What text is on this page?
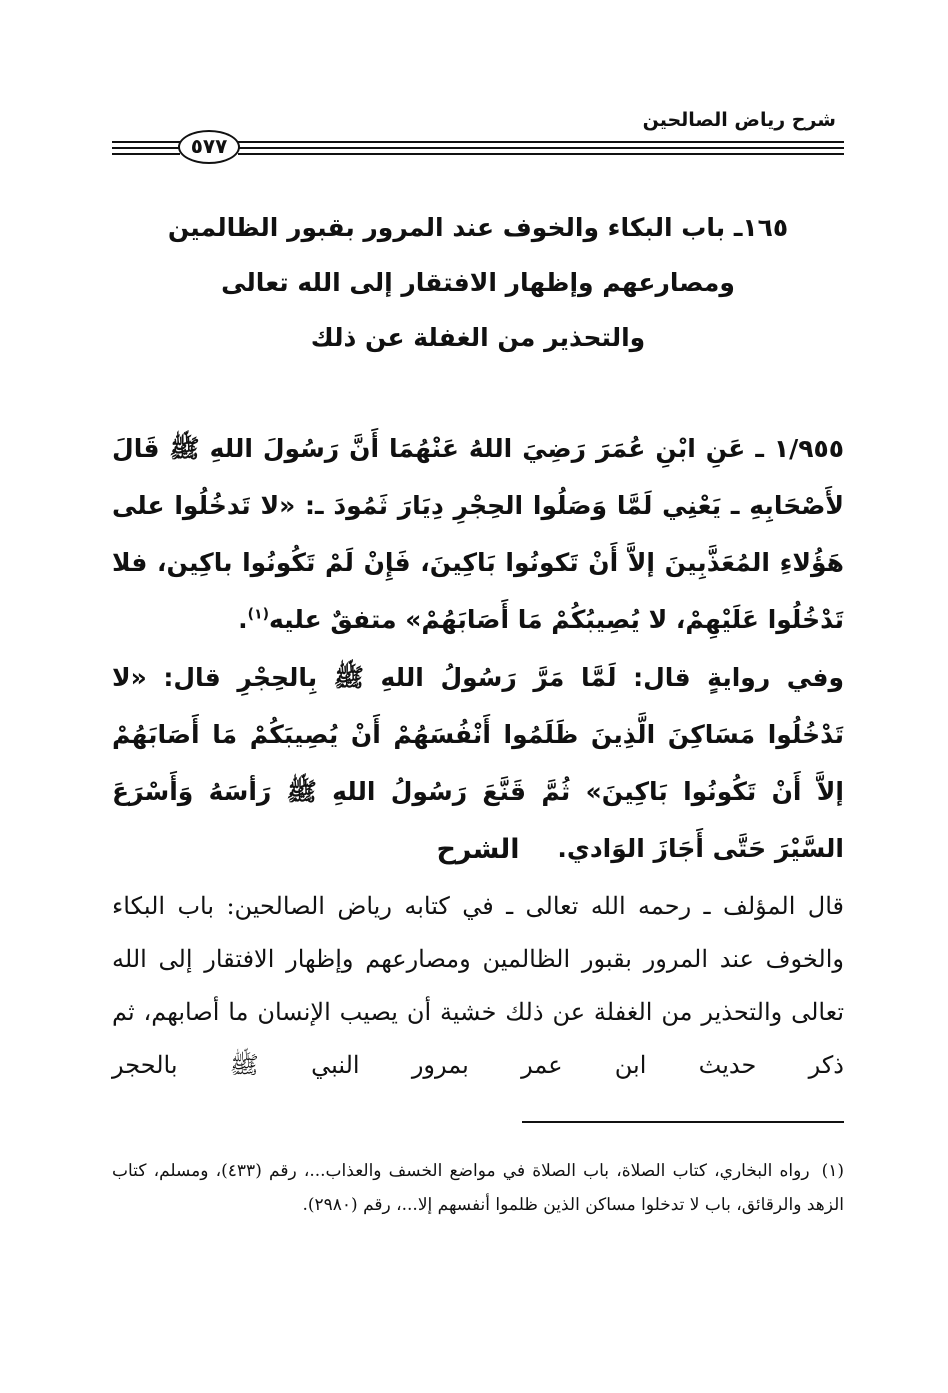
شرح رياض الصالحين
٥٧٧
١٦٥ـ باب البكاء والخوف عند المرور بقبور الظالمين
ومصارعهم وإظهار الافتقار إلى الله تعالى
والتحذير من الغفلة عن ذلك

١/٩٥٥ ـ عَنِ ابْنِ عُمَرَ رَضِيَ اللهُ عَنْهُمَا أَنَّ رَسُولَ اللهِ ﷺ قَالَ لأَصْحَابِهِ ـ يَعْنِي لَمَّا وَصَلُوا الحِجْرِ دِيَارَ ثَمُودَ ـ: «لا تَدخُلُوا على هَؤُلاءِ المُعَذَّبِينَ إلاَّ أَنْ تَكونُوا بَاكِينَ، فَإِنْ لَمْ تَكُونُوا باكِين، فلا تَدْخُلُوا عَلَيْهِمْ، لا يُصِيبُكُمْ مَا أَصَابَهُمْ» متفقٌ عليه$^{(١)}$.

وفي روايةٍ قال: لَمَّا مَرَّ رَسُولُ اللهِ ﷺ بِالحِجْرِ قال: «لا تَدْخُلُوا مَسَاكِنَ الَّذِينَ ظَلَمُوا أَنْفُسَهُمْ أَنْ يُصِيبَكُمْ مَا أَصَابَهُمْ إلاَّ أَنْ تَكُونُوا بَاكِينَ» ثُمَّ قَنَّعَ رَسُولُ اللهِ ﷺ رَأسَهُ وَأَسْرَعَ السَّيْرَ حَتَّى أَجَازَ الوَادي.

الشرح
قال المؤلف ـ رحمه الله تعالى ـ في كتابه رياض الصالحين: باب البكاء والخوف عند المرور بقبور الظالمين ومصارعهم وإظهار الافتقار إلى الله تعالى والتحذير من الغفلة عن ذلك خشية أن يصيب الإنسان ما أصابهم، ثم ذكر حديث ابن عمر بمرور النبي ﷺ بالحجر
(١)رواه البخاري، كتاب الصلاة، باب الصلاة في مواضع الخسف والعذاب...، رقم (٤٣٣)، ومسلم، كتاب الزهد والرقائق، باب لا تدخلوا مساكن الذين ظلموا أنفسهم إلا...، رقم (٢٩٨٠).
